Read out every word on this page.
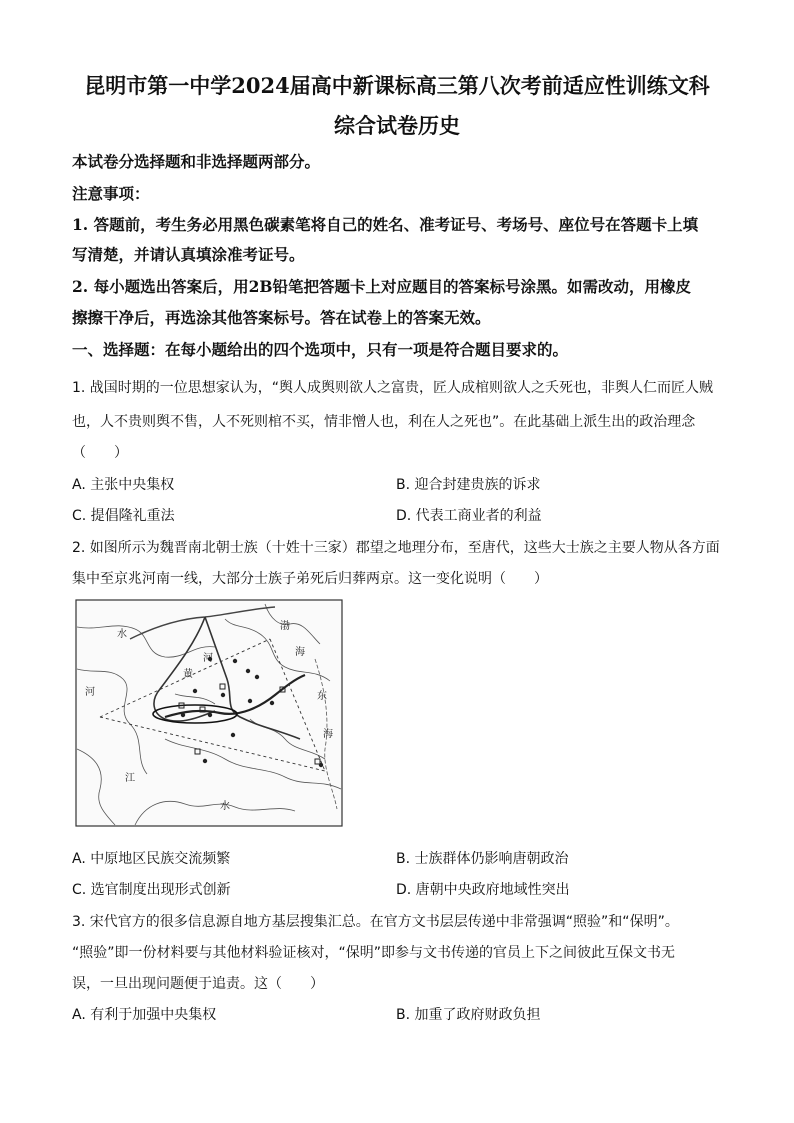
昆明市第一中学2024届高中新课标高三第八次考前适应性训练文科
综合试卷历史
本试卷分选择题和非选择题两部分。
注意事项：
1. 答题前，考生务必用黑色碳素笔将自己的姓名、准考证号、考场号、座位号在答题卡上填
写清楚，并请认真填涂准考证号。
2. 每小题选出答案后，用2B铅笔把答题卡上对应题目的答案标号涂黑。如需改动，用橡皮
擦擦干净后，再选涂其他答案标号。答在试卷上的答案无效。
一、选择题：在每小题给出的四个选项中，只有一项是符合题目要求的。
1. 战国时期的一位思想家认为，“舆人成舆则欲人之富贵，匠人成棺则欲人之夭死也，非舆人仁而匠人贼
也，人不贵则舆不售，人不死则棺不买，情非憎人也，利在人之死也”。在此基础上派生出的政治理念
（　　）
A. 主张中央集权	B. 迎合封建贵族的诉求
C. 提倡隆礼重法	D. 代表工商业者的利益
2. 如图所示为魏晋南北朝士族（十姓十三家）郡望之地理分布，至唐代，这些大士族之主要人物从各方面
集中至京兆河南一线，大部分士族子弟死后归葬两京。这一变化说明（　　）
水
河
黄
河
渤
海
东
海
江
水
A. 中原地区民族交流频繁	B. 士族群体仍影响唐朝政治
C. 选官制度出现形式创新	D. 唐朝中央政府地域性突出
3. 宋代官方的很多信息源自地方基层搜集汇总。在官方文书层层传递中非常强调“照验”和“保明”。
“照验”即一份材料要与其他材料验证核对，“保明”即参与文书传递的官员上下之间彼此互保文书无
误，一旦出现问题便于追责。这（　　）
A. 有利于加强中央集权	B. 加重了政府财政负担
